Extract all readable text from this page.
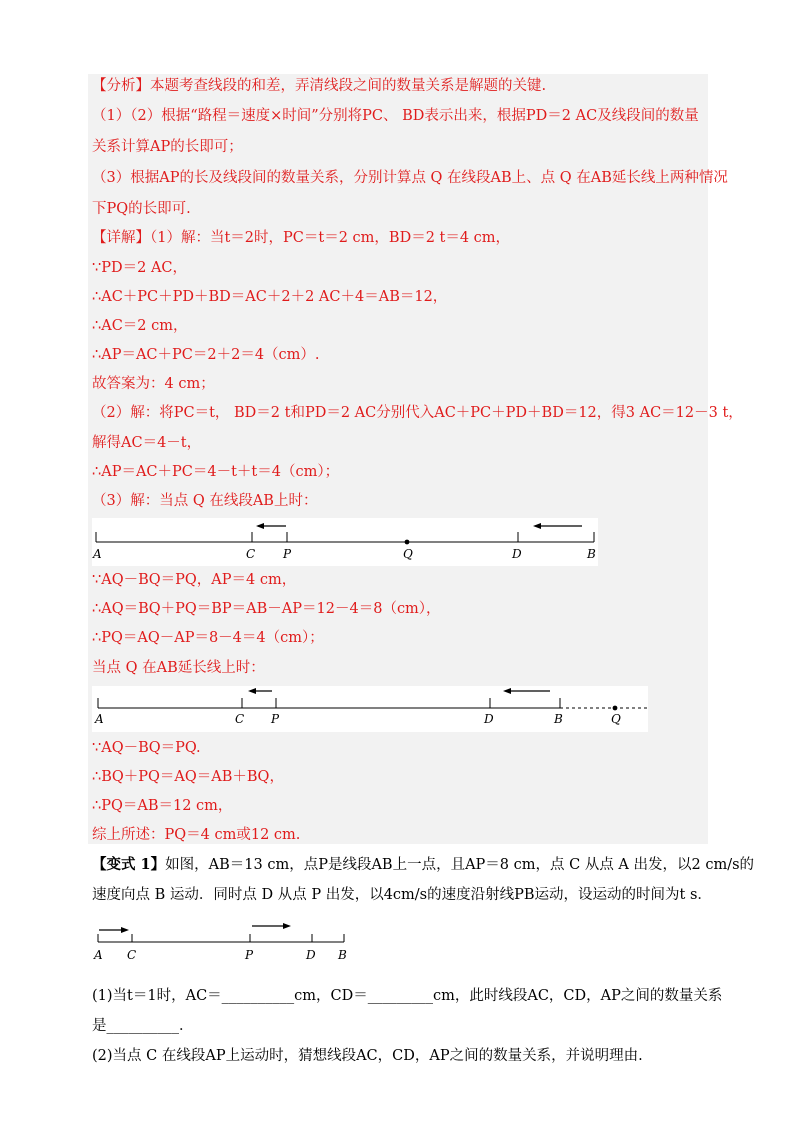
【分析】本题考查线段的和差，弄清线段之间的数量关系是解题的关键.
（1）（2）根据“路程＝速度×时间”分别将PC、 BD表示出来，根据PD＝2 AC及线段间的数量
关系计算AP的长即可；
（3）根据AP的长及线段间的数量关系，分别计算点 Q 在线段AB上、点 Q 在AB延长线上两种情况
下PQ的长即可.
【详解】（1）解：当t＝2时，PC＝t＝2 cm，BD＝2 t＝4 cm，
∵PD＝2 AC，
∴AC＋PC＋PD＋BD＝AC＋2＋2 AC＋4＝AB＝12，
∴AC＝2 cm，
∴AP＝AC＋PC＝2＋2＝4（cm）.
故答案为：4 cm；
（2）解：将PC＝t， BD＝2 t和PD＝2 AC分别代入AC＋PC＋PD＋BD＝12，得3 AC＝12－3 t，
解得AC＝4－t，
∴AP＝AC＋PC＝4－t＋t＝4（cm）；
（3）解：当点 Q 在线段AB上时：
A	C P	Q	D	B
∵AQ－BQ＝PQ，AP＝4 cm，
∴AQ＝BQ＋PQ＝BP＝AB－AP＝12－4＝8（cm），
∴PQ＝AQ－AP＝8－4＝4（cm）；
当点 Q 在AB延长线上时：
A	C P	D	B	Q
∵AQ－BQ＝PQ.
∴BQ＋PQ＝AQ＝AB＋BQ，
∴PQ＝AB＝12 cm，
综上所述：PQ＝4 cm或12 cm.
【变式 1】如图，AB＝13 cm，点P是线段AB上一点，且AP＝8 cm，点 C 从点 A 出发，以2 cm/s的
速度向点 B 运动．同时点 D 从点 P 出发，以4cm/s的速度沿射线PB运动，设运动的时间为t s．
A C	P	D B
(1)当t＝1时，AC＝__________cm，CD＝_________cm，此时线段AC，CD，AP之间的数量关系
是__________．
(2)当点 C 在线段AP上运动时，猜想线段AC，CD，AP之间的数量关系，并说明理由.
